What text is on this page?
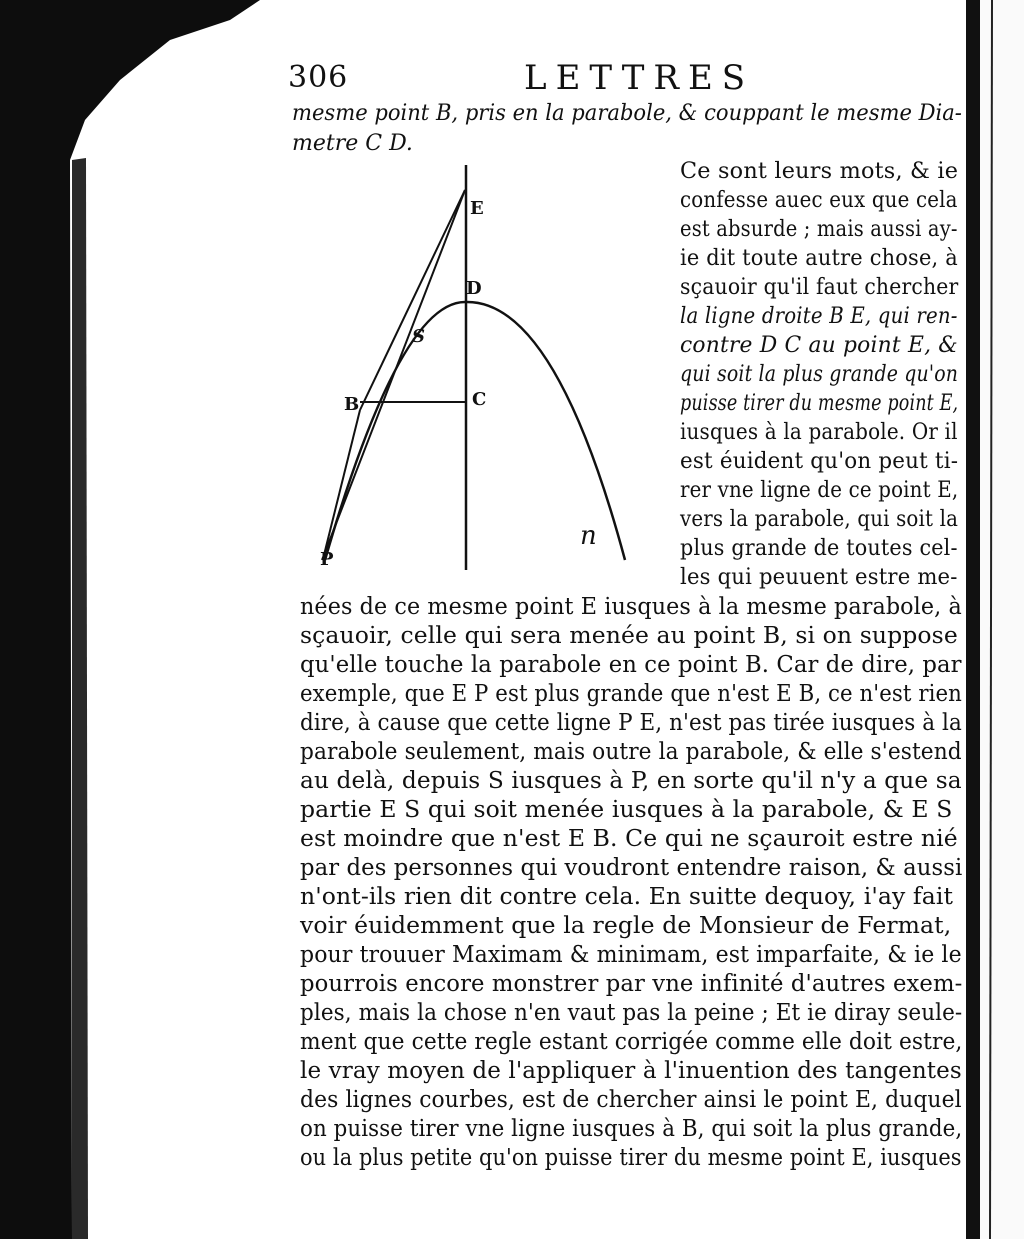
306	LETTRES
mesme point B, pris en la parabole, & couppant le mesme Dia-
metre C D.
E
D
S
B	C
P
n
Ce sont leurs mots, & ie
confesse auec eux que cela
est absurde ; mais aussi ay-
ie dit toute autre chose, à
sçauoir qu'il faut chercher
la ligne droite B E, qui ren-
contre D C au point E, &
qui soit la plus grande qu'on
puisse tirer du mesme point E,
iusques à la parabole. Or il
est éuident qu'on peut ti-
rer vne ligne de ce point E,
vers la parabole, qui soit la
plus grande de toutes cel-
les qui peuuent estre me-
nées de ce mesme point E iusques à la mesme parabole, à
sçauoir, celle qui sera menée au point B, si on suppose
qu'elle touche la parabole en ce point B. Car de dire, par
exemple, que E P est plus grande que n'est E B, ce n'est rien
dire, à cause que cette ligne P E, n'est pas tirée iusques à la
parabole seulement, mais outre la parabole, & elle s'estend
au delà, depuis S iusques à P, en sorte qu'il n'y a que sa
partie E S qui soit menée iusques à la parabole, & E S
est moindre que n'est E B. Ce qui ne sçauroit estre nié
par des personnes qui voudront entendre raison, & aussi
n'ont-ils rien dit contre cela. En suitte dequoy, i'ay fait
voir éuidemment que la regle de Monsieur de Fermat,
pour trouuer Maximam & minimam, est imparfaite, & ie le
pourrois encore monstrer par vne infinité d'autres exem-
ples, mais la chose n'en vaut pas la peine ; Et ie diray seule-
ment que cette regle estant corrigée comme elle doit estre,
le vray moyen de l'appliquer à l'inuention des tangentes
des lignes courbes, est de chercher ainsi le point E, duquel
on puisse tirer vne ligne iusques à B, qui soit la plus grande,
ou la plus petite qu'on puisse tirer du mesme point E, iusques
